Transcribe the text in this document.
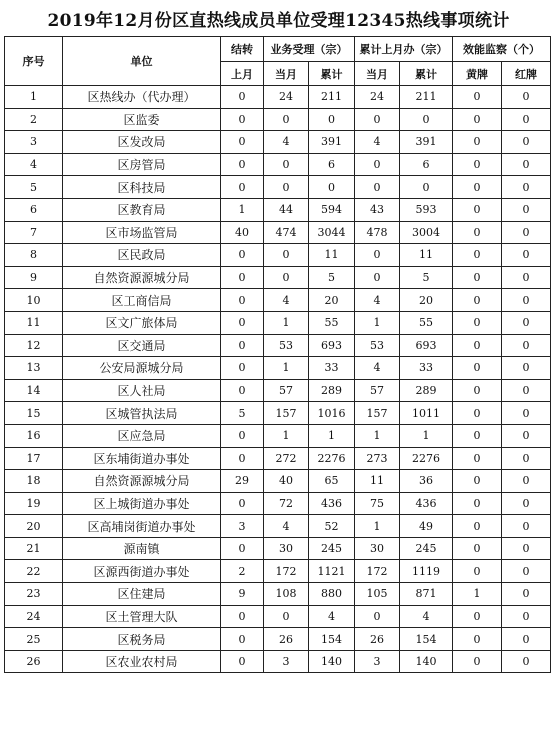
2019年12月份区直热线成员单位受理12345热线事项统计
序号	单位	结转	业务受理（宗）		累计上月办（宗）		效能监察（个）	
		上月	当月	累计	当月	累计	黄牌	红牌
1	区热线办（代办理）	0	24	211	24	211	0	0
2	区监委	0	0	0	0	0	0	0
3	区发改局	0	4	391	4	391	0	0
4	区房管局	0	0	6	0	6	0	0
5	区科技局	0	0	0	0	0	0	0
6	区教育局	1	44	594	43	593	0	0
7	区市场监管局	40	474	3044	478	3004	0	0
8	区民政局	0	0	11	0	11	0	0
9	自然资源源城分局	0	0	5	0	5	0	0
10	区工商信局	0	4	20	4	20	0	0
11	区文广旅体局	0	1	55	1	55	0	0
12	区交通局	0	53	693	53	693	0	0
13	公安局源城分局	0	1	33	4	33	0	0
14	区人社局	0	57	289	57	289	0	0
15	区城管执法局	5	157	1016	157	1011	0	0
16	区应急局	0	1	1	1	1	0	0
17	区东埔街道办事处	0	272	2276	273	2276	0	0
18	自然资源源城分局	29	40	65	11	36	0	0
19	区上城街道办事处	0	72	436	75	436	0	0
20	区高埔岗街道办事处	3	4	52	1	49	0	0
21	源南镇	0	30	245	30	245	0	0
22	区源西街道办事处	2	172	1121	172	1119	0	0
23	区住建局	9	108	880	105	871	1	0
24	区土管理大队	0	0	4	0	4	0	0
25	区税务局	0	26	154	26	154	0	0
26	区农业农村局	0	3	140	3	140	0	0
